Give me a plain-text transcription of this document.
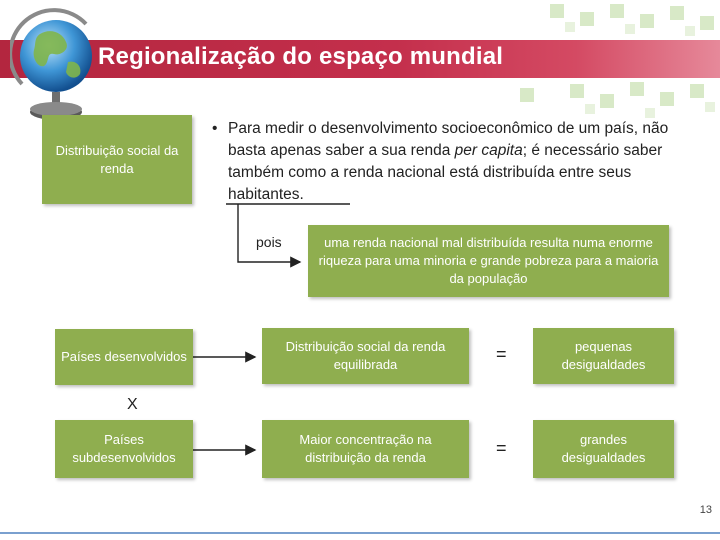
Regionalização do espaço mundial
Distribuição social da renda
• Para medir o desenvolvimento socioeconômico de um país, não basta apenas saber a sua renda per capita; é necessário saber também como a renda nacional está distribuída entre seus habitantes.

pois	uma renda nacional mal distribuída resulta numa enorme riqueza para uma minoria e grande pobreza para a maioria da população
Países desenvolvidos
Distribuição social da renda equilibrada
=	pequenas desigualdades
X
Países subdesenvolvidos
Maior concentração na distribuição da renda	=	grandes desigualdades
13
